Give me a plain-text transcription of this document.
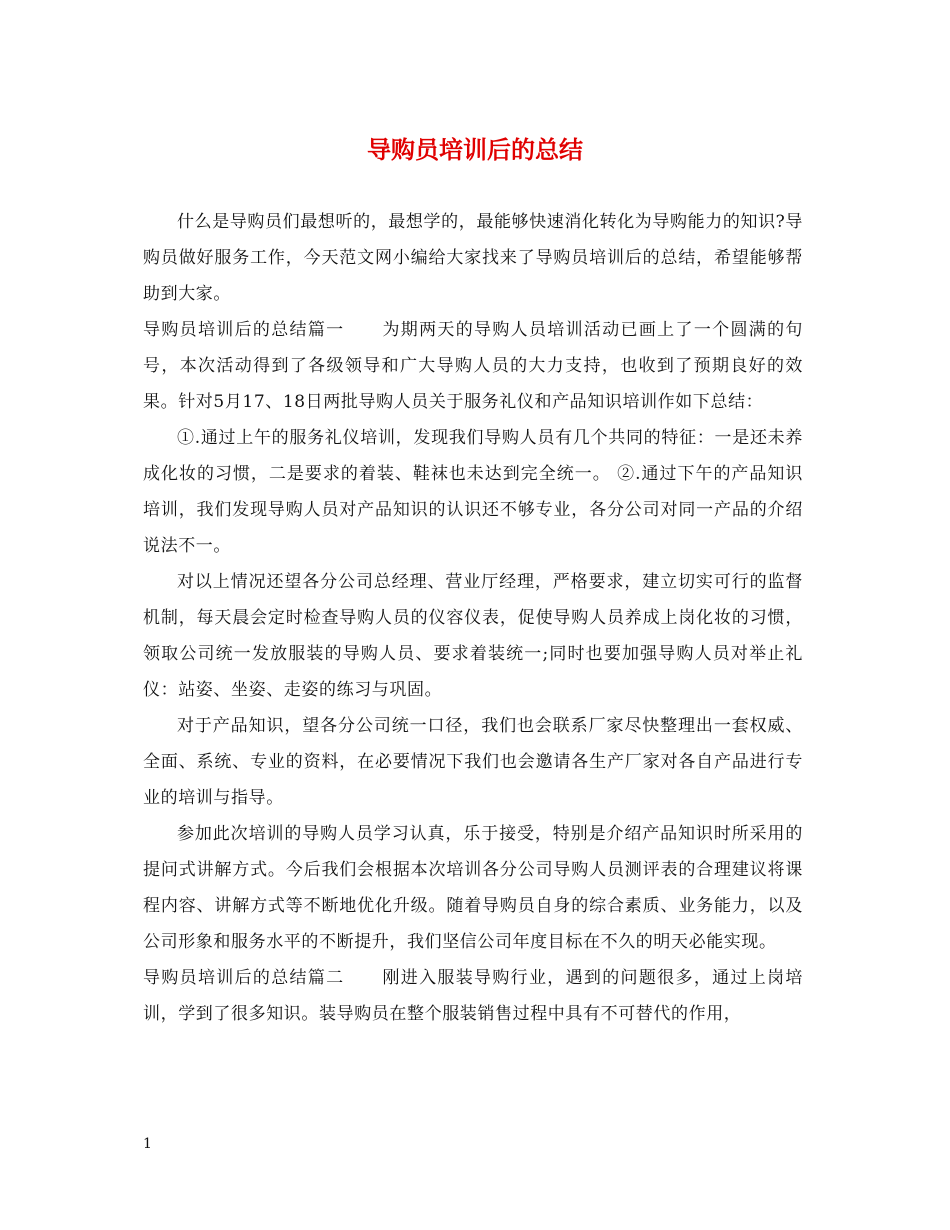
导购员培训后的总结

什么是导购员们最想听的，最想学的，最能够快速消化转化为导购能力的知识?导购员做好服务工作，今天范文网小编给大家找来了导购员培训后的总结，希望能够帮助到大家。

导购员培训后的总结篇一 为期两天的导购人员培训活动已画上了一个圆满的句号，本次活动得到了各级领导和广大导购人员的大力支持，也收到了预期良好的效果。针对5月17、18日两批导购人员关于服务礼仪和产品知识培训作如下总结：

①.通过上午的服务礼仪培训，发现我们导购人员有几个共同的特征：一是还未养成化妆的习惯，二是要求的着装、鞋袜也未达到完全统一。 ②.通过下午的产品知识培训，我们发现导购人员对产品知识的认识还不够专业，各分公司对同一产品的介绍说法不一。

对以上情况还望各分公司总经理、营业厅经理，严格要求，建立切实可行的监督机制，每天晨会定时检查导购人员的仪容仪表，促使导购人员养成上岗化妆的习惯，领取公司统一发放服装的导购人员、要求着装统一;同时也要加强导购人员对举止礼仪：站姿、坐姿、走姿的练习与巩固。

对于产品知识，望各分公司统一口径，我们也会联系厂家尽快整理出一套权威、全面、系统、专业的资料，在必要情况下我们也会邀请各生产厂家对各自产品进行专业的培训与指导。

参加此次培训的导购人员学习认真，乐于接受，特别是介绍产品知识时所采用的提问式讲解方式。今后我们会根据本次培训各分公司导购人员测评表的合理建议将课程内容、讲解方式等不断地优化升级。随着导购员自身的综合素质、业务能力，以及公司形象和服务水平的不断提升，我们坚信公司年度目标在不久的明天必能实现。

导购员培训后的总结篇二 刚进入服装导购行业，遇到的问题很多，通过上岗培训，学到了很多知识。装导购员在整个服装销售过程中具有不可替代的作用，

1
